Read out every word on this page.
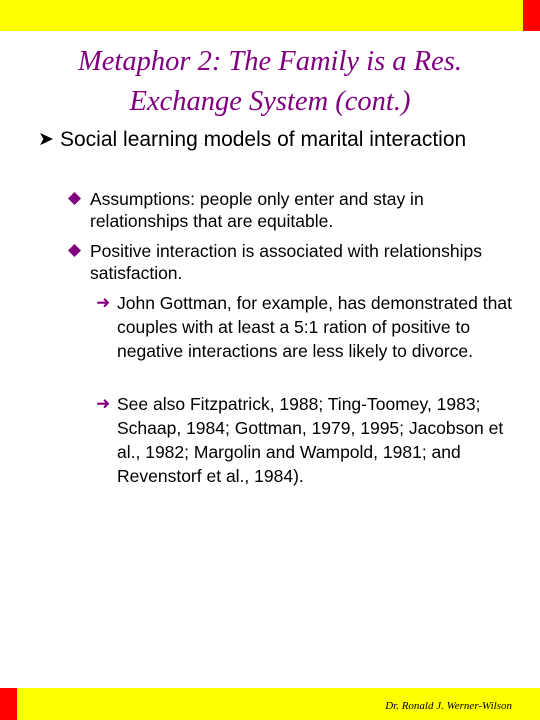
Metaphor 2: The Family is a Res. Exchange System (cont.)
➤ Social learning models of marital interaction
Assumptions: people only enter and stay in relationships that are equitable.
Positive interaction is associated with relationships satisfaction.
➜ John Gottman, for example, has demonstrated that couples with at least a 5:1 ration of positive to negative interactions are less likely to divorce.
➜ See also Fitzpatrick, 1988; Ting-Toomey, 1983; Schaap, 1984; Gottman, 1979, 1995; Jacobson et al., 1982; Margolin and Wampold, 1981; and Revenstorf et al., 1984).
Dr. Ronald J. Werner-Wilson
